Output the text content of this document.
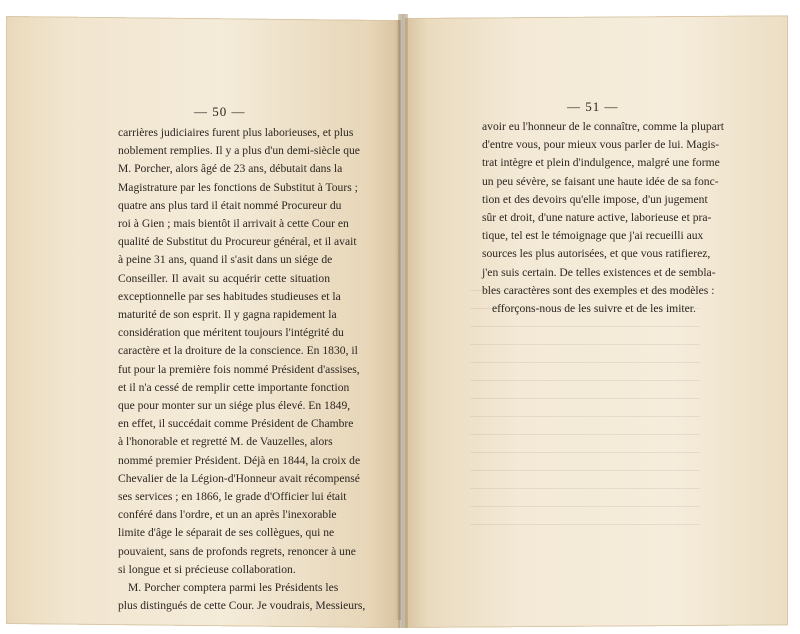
— 50 —	— 51 —
carrières judiciaires furent plus laborieuses, et plus
noblement remplies. Il y a plus d'un demi-siècle que
M. Porcher, alors âgé de 23 ans, débutait dans la
Magistrature par les fonctions de Substitut à Tours ;
quatre ans plus tard il était nommé Procureur du
roi à Gien ; mais bientôt il arrivait à cette Cour en
qualité de Substitut du Procureur général, et il avait
à peine 31 ans, quand il s'asit dans un siége de
Conseiller. Il avait su acquérir cette situation
exceptionnelle par ses habitudes studieuses et la
maturité de son esprit. Il y gagna rapidement la
considération que méritent toujours l'intégrité du
caractère et la droiture de la conscience. En 1830, il
fut pour la première fois nommé Président d'assises,
et il n'a cessé de remplir cette importante fonction
que pour monter sur un siége plus élevé. En 1849,
en effet, il succédait comme Président de Chambre
à l'honorable et regretté M. de Vauzelles, alors
nommé premier Président. Déjà en 1844, la croix de
Chevalier de la Légion-d'Honneur avait récompensé
ses services ; en 1866, le grade d'Officier lui était
conféré dans l'ordre, et un an après l'inexorable
limite d'âge le séparait de ses collègues, qui ne
pouvaient, sans de profonds regrets, renoncer à une
si longue et si précieuse collaboration.
M. Porcher comptera parmi les Présidents les
plus distingués de cette Cour. Je voudrais, Messieurs,
avoir eu l'honneur de le connaître, comme la plupart
d'entre vous, pour mieux vous parler de lui. Magis-
trat intègre et plein d'indulgence, malgré une forme
un peu sévère, se faisant une haute idée de sa fonc-
tion et des devoirs qu'elle impose, d'un jugement
sûr et droit, d'une nature active, laborieuse et pra-
tique, tel est le témoignage que j'ai recueilli aux
sources les plus autorisées, et que vous ratifierez,
j'en suis certain. De telles existences et de sembla-
bles caractères sont des exemples et des modèles :
efforçons-nous de les suivre et de les imiter.
